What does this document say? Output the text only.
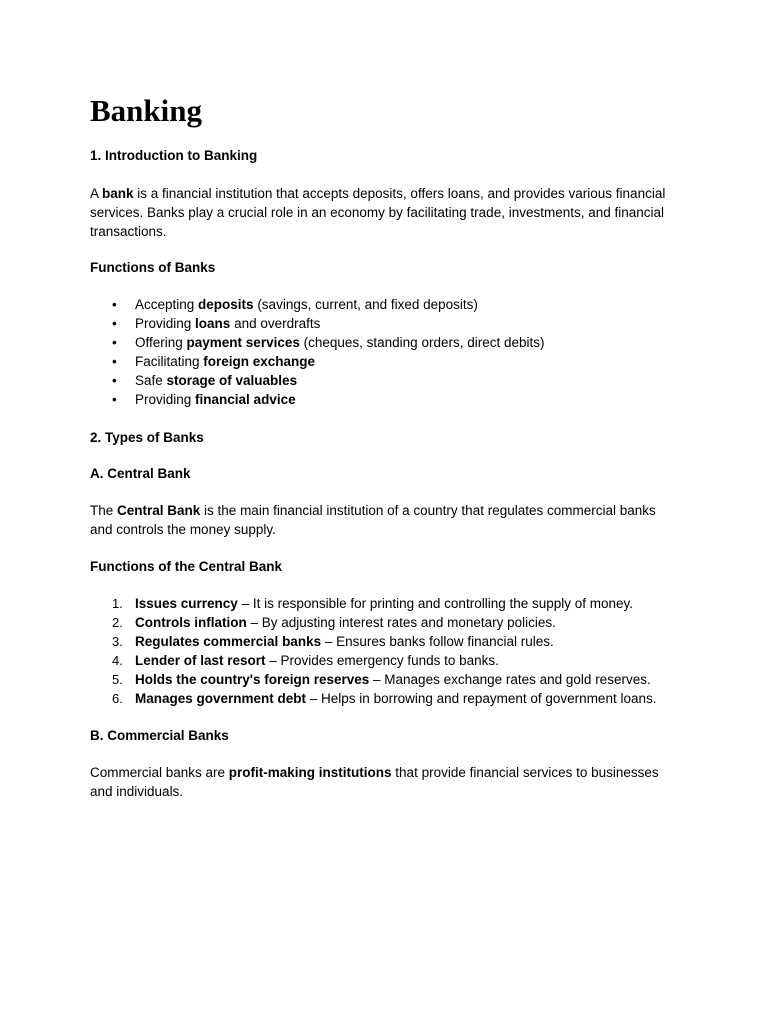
Banking
1. Introduction to Banking

A bank is a financial institution that accepts deposits, offers loans, and provides various financial services. Banks play a crucial role in an economy by facilitating trade, investments, and financial transactions.

Functions of Banks
•	Accepting deposits (savings, current, and fixed deposits)
•	Providing loans and overdrafts
•	Offering payment services (cheques, standing orders, direct debits)
•	Facilitating foreign exchange
•	Safe storage of valuables
•	Providing financial advice
2. Types of Banks
A. Central Bank

The Central Bank is the main financial institution of a country that regulates commercial banks and controls the money supply.

Functions of the Central Bank
1. Issues currency – It is responsible for printing and controlling the supply of money.
2. Controls inflation – By adjusting interest rates and monetary policies.
3. Regulates commercial banks – Ensures banks follow financial rules.
4. Lender of last resort – Provides emergency funds to banks.
5. Holds the country's foreign reserves – Manages exchange rates and gold reserves.
6. Manages government debt – Helps in borrowing and repayment of government loans.
B. Commercial Banks

Commercial banks are profit-making institutions that provide financial services to businesses and individuals.
